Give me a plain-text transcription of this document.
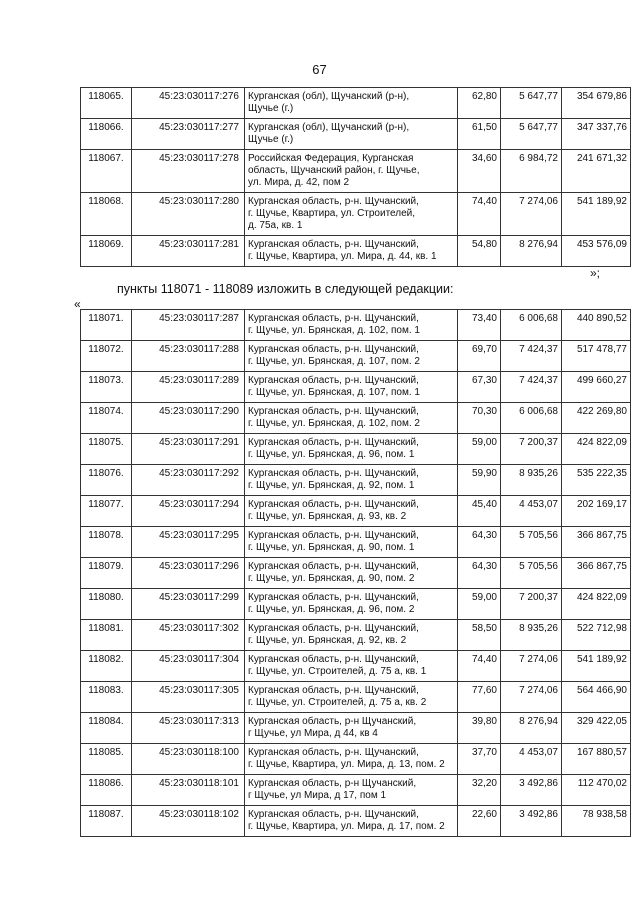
67
118065.	45:23:030117:276	Курганская (обл), Щучанский (р-н),
Щучье (г.)	62,80	5 647,77	354 679,86
118066.	45:23:030117:277	Курганская (обл), Щучанский (р-н),
Щучье (г.)	61,50	5 647,77	347 337,76
118067.	45:23:030117:278	Российская Федерация, Курганская
область, Щучанский район, г. Щучье,
ул. Мира, д. 42, пом 2	34,60	6 984,72	241 671,32
118068.	45:23:030117:280	Курганская область, р-н. Щучанский,
г. Щучье, Квартира, ул. Строителей,
д. 75а, кв. 1	74,40	7 274,06	541 189,92
118069.	45:23:030117:281	Курганская область, р-н. Щучанский,
г. Щучье, Квартира, ул. Мира, д. 44, кв. 1	54,80	8 276,94	453 576,09
»;
пункты 118071 - 118089 изложить в следующей редакции:
«
118071.	45:23:030117:287	Курганская область, р-н. Щучанский,
г. Щучье, ул. Брянская, д. 102, пом. 1	73,40	6 006,68	440 890,52
118072.	45:23:030117:288	Курганская область, р-н. Щучанский,
г. Щучье, ул. Брянская, д. 107, пом. 2	69,70	7 424,37	517 478,77
118073.	45:23:030117:289	Курганская область, р-н. Щучанский,
г. Щучье, ул. Брянская, д. 107, пом. 1	67,30	7 424,37	499 660,27
118074.	45:23:030117:290	Курганская область, р-н. Щучанский,
г. Щучье, ул. Брянская, д. 102, пом. 2	70,30	6 006,68	422 269,80
118075.	45:23:030117:291	Курганская область, р-н. Щучанский,
г. Щучье, ул. Брянская, д. 96, пом. 1	59,00	7 200,37	424 822,09
118076.	45:23:030117:292	Курганская область, р-н. Щучанский,
г. Щучье, ул. Брянская, д. 92, пом. 1	59,90	8 935,26	535 222,35
118077.	45:23:030117:294	Курганская область, р-н. Щучанский,
г. Щучье, ул. Брянская, д. 93, кв. 2	45,40	4 453,07	202 169,17
118078.	45:23:030117:295	Курганская область, р-н. Щучанский,
г. Щучье, ул. Брянская, д. 90, пом. 1	64,30	5 705,56	366 867,75
118079.	45:23:030117:296	Курганская область, р-н. Щучанский,
г. Щучье, ул. Брянская, д. 90, пом. 2	64,30	5 705,56	366 867,75
118080.	45:23:030117:299	Курганская область, р-н. Щучанский,
г. Щучье, ул. Брянская, д. 96, пом. 2	59,00	7 200,37	424 822,09
118081.	45:23:030117:302	Курганская область, р-н. Щучанский,
г. Щучье, ул. Брянская, д. 92, кв. 2	58,50	8 935,26	522 712,98
118082.	45:23:030117:304	Курганская область, р-н. Щучанский,
г. Щучье, ул. Строителей, д. 75 а, кв. 1	74,40	7 274,06	541 189,92
118083.	45:23:030117:305	Курганская область, р-н. Щучанский,
г. Щучье, ул. Строителей, д. 75 а, кв. 2	77,60	7 274,06	564 466,90
118084.	45:23:030117:313	Курганская область, р-н Щучанский,
г Щучье, ул Мира, д 44, кв 4	39,80	8 276,94	329 422,05
118085.	45:23:030118:100	Курганская область, р-н. Щучанский,
г. Щучье, Квартира, ул. Мира, д. 13, пом. 2	37,70	4 453,07	167 880,57
118086.	45:23:030118:101	Курганская область, р-н Щучанский,
г Щучье, ул Мира, д 17, пом 1	32,20	3 492,86	112 470,02
118087.	45:23:030118:102	Курганская область, р-н. Щучанский,
г. Щучье, Квартира, ул. Мира, д. 17, пом. 2	22,60	3 492,86	78 938,58
